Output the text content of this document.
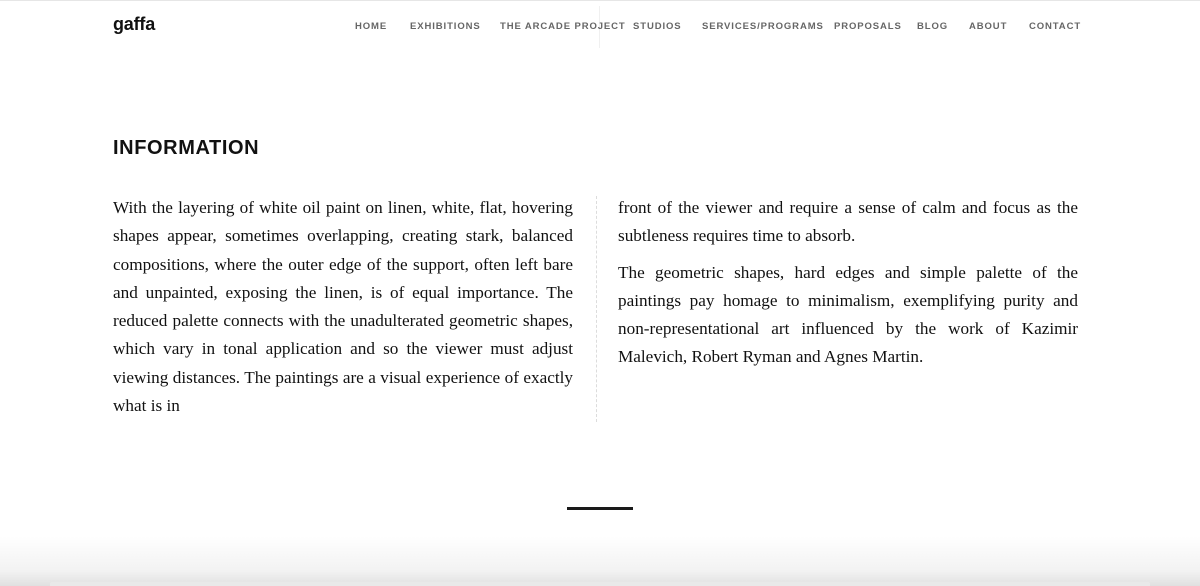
gaffa	HOME EXHIBITIONS THE ARCADE PROJECT STUDIOS SERVICES/PROGRAMS PROPOSALS BLOG ABOUT CONTACT
INFORMATION

With the layering of white oil paint on linen, white, flat, hovering shapes appear, sometimes overlapping, creating stark, balanced compositions, where the outer edge of the support, often left bare and unpainted, exposing the linen, is of equal importance. The reduced palette connects with the unadulterated geometric shapes, which vary in tonal application and so the viewer must adjust viewing distances. The paintings are a visual experience of exactly what is in

front of the viewer and require a sense of calm and focus as the subtleness requires time to absorb.

The geometric shapes, hard edges and simple palette of the paintings pay homage to minimalism, exemplifying purity and non-representational art influenced by the work of Kazimir Malevich, Robert Ryman and Agnes Martin.
